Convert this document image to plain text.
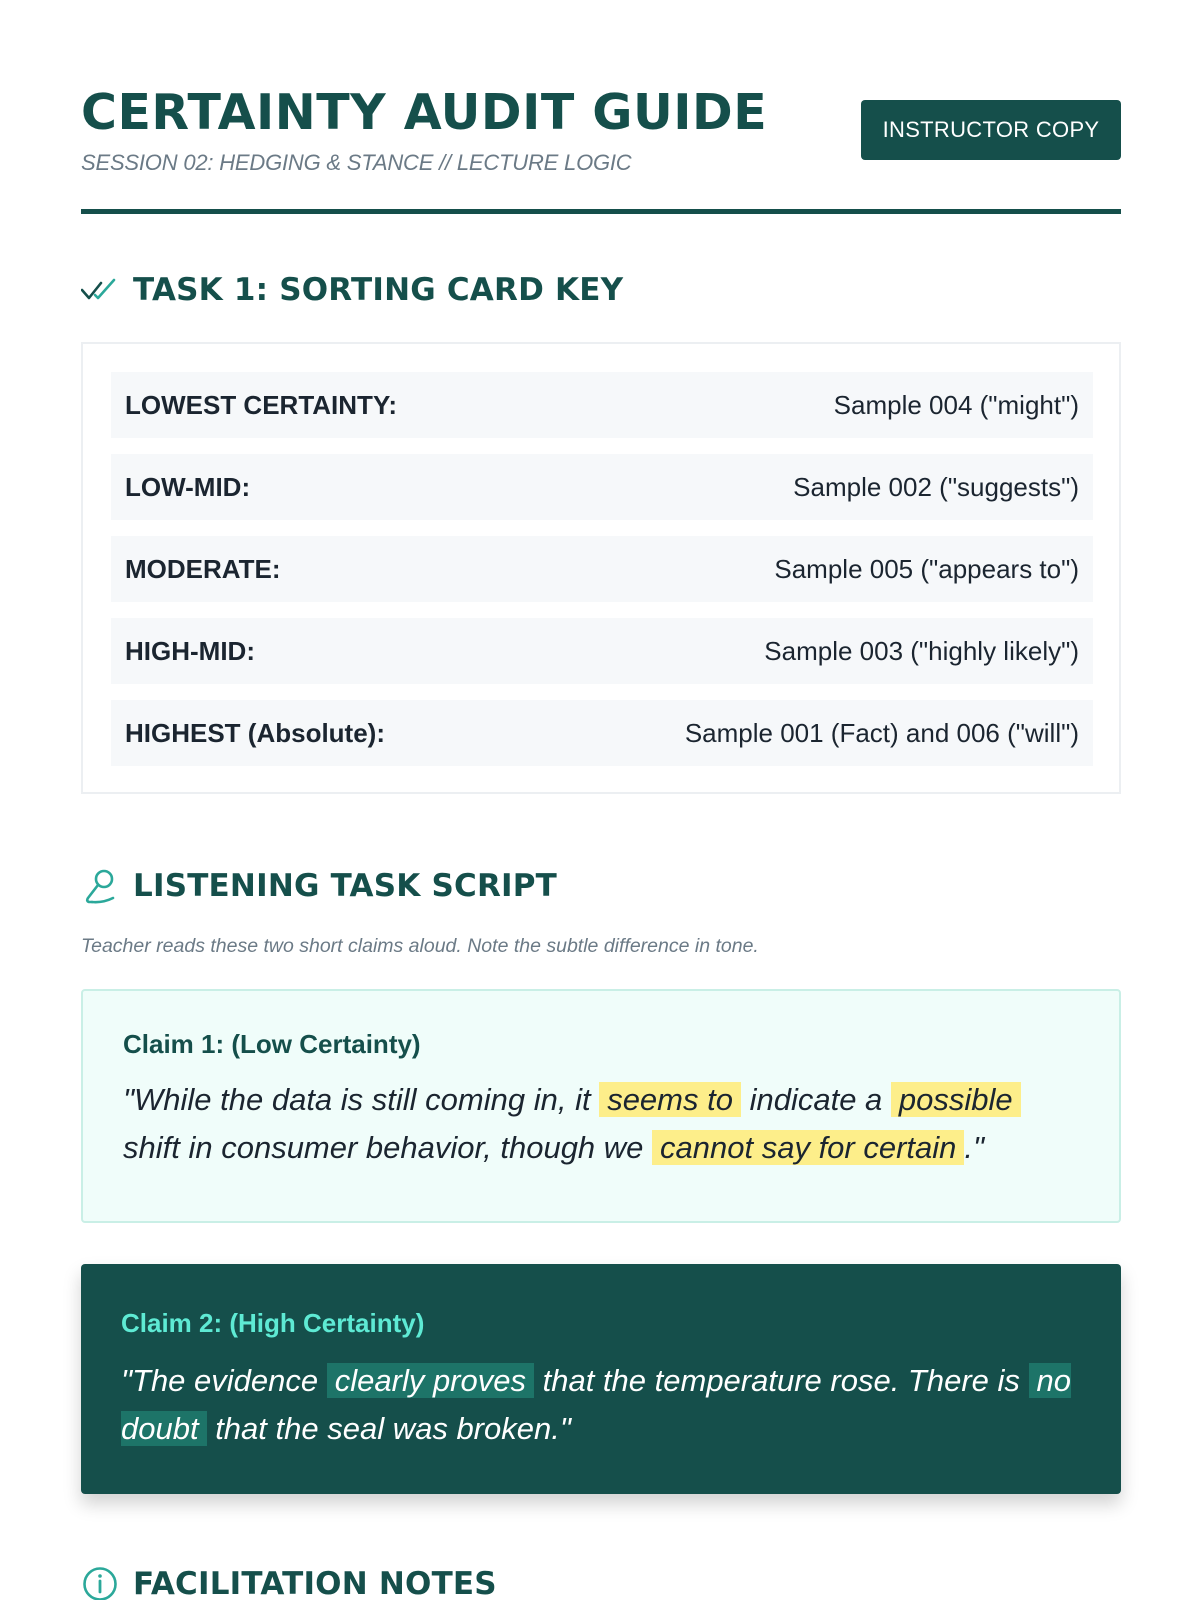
CERTAINTY AUDIT GUIDE
SESSION 02: HEDGING & STANCE // LECTURE LOGIC
INSTRUCTOR COPY
TASK 1: SORTING CARD KEY
LOWEST CERTAINTY:	Sample 004 ("might")
LOW-MID:	Sample 002 ("suggests")
MODERATE:	Sample 005 ("appears to")
HIGH-MID:	Sample 003 ("highly likely")
HIGHEST (Absolute):	Sample 001 (Fact) and 006 ("will")
LISTENING TASK SCRIPT
Teacher reads these two short claims aloud. Note the subtle difference in tone.
Claim 1: (Low Certainty)
"While the data is still coming in, it seems to indicate a possible shift in consumer behavior, though we cannot say for certain ."
Claim 2: (High Certainty)
"The evidence clearly proves that the temperature rose. There is no doubt that the seal was broken."
FACILITATION NOTES
